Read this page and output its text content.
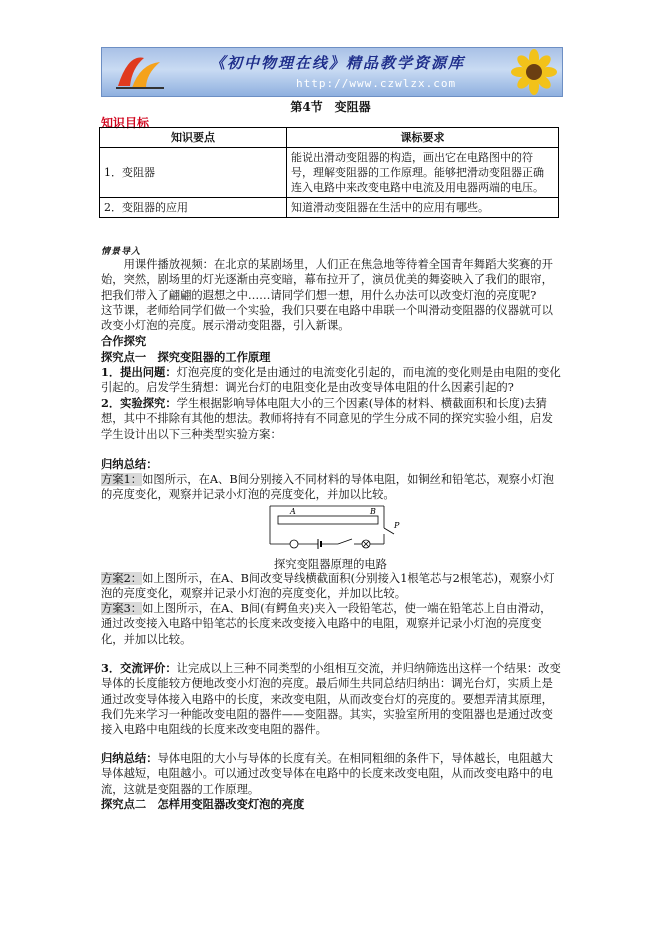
《初中物理在线》精品教学资源库
http://www.czwlzx.com
第4节　变阻器
知识目标
知识要点	课标要求
1．变阻器	能说出滑动变阻器的构造，画出它在电路图中的符号，理解变阻器的工作原理。能够把滑动变阻器正确连入电路中来改变电路中电流及用电器两端的电压。
2．变阻器的应用	知道滑动变阻器在生活中的应用有哪些。
情景导入
用课件播放视频：在北京的某剧场里，人们正在焦急地等待着全国青年舞蹈大奖赛的开始，突然，剧场里的灯光逐渐由亮变暗，幕布拉开了，演员优美的舞姿映入了我们的眼帘，把我们带入了翩翩的遐想之中……请同学们想一想，用什么办法可以改变灯泡的亮度呢?
这节课，老师给同学们做一个实验，我们只要在电路中串联一个叫滑动变阻器的仪器就可以改变小灯泡的亮度。展示滑动变阻器，引入新课。
合作探究
探究点一　探究变阻器的工作原理
1．提出问题：灯泡亮度的变化是由通过的电流变化引起的，而电流的变化则是由电阻的变化引起的。启发学生猜想：调光台灯的电阻变化是由改变导体电阻的什么因素引起的?
2．实验探究：学生根据影响导体电阻大小的三个因素(导体的材料、横截面积和长度)去猜想，其中不排除有其他的想法。教师将持有不同意见的学生分成不同的探究实验小组，启发学生设计出以下三种类型实验方案：
归纳总结：
方案1：如图所示，在A、B间分别接入不同材料的导体电阻，如铜丝和铅笔芯，观察小灯泡的亮度变化，观察并记录小灯泡的亮度变化，并加以比较。
A	B
P
探究变阻器原理的电路
方案2：如上图所示，在A、B间改变导线横截面积(分别接入1根笔芯与2根笔芯)，观察小灯泡的亮度变化，观察并记录小灯泡的亮度变化，并加以比较。
方案3：如上图所示，在A、B间(有鳄鱼夹)夹入一段铅笔芯，使一端在铅笔芯上自由滑动，通过改变接入电路中铅笔芯的长度来改变接入电路中的电阻，观察并记录小灯泡的亮度变化，并加以比较。
3．交流评价：让完成以上三种不同类型的小组相互交流，并归纳筛选出这样一个结果：改变导体的长度能较方便地改变小灯泡的亮度。最后师生共同总结归纳出：调光台灯，实质上是通过改变导体接入电路中的长度，来改变电阻，从而改变台灯的亮度的。要想弄清其原理，我们先来学习一种能改变电阻的器件——变阻器。其实，实验室所用的变阻器也是通过改变接入电路中电阻线的长度来改变电阻的器件。
归纳总结：导体电阻的大小与导体的长度有关。在相同粗细的条件下，导体越长，电阻越大导体越短，电阻越小。可以通过改变导体在电路中的长度来改变电阻，从而改变电路中的电流，这就是变阻器的工作原理。
探究点二　怎样用变阻器改变灯泡的亮度
